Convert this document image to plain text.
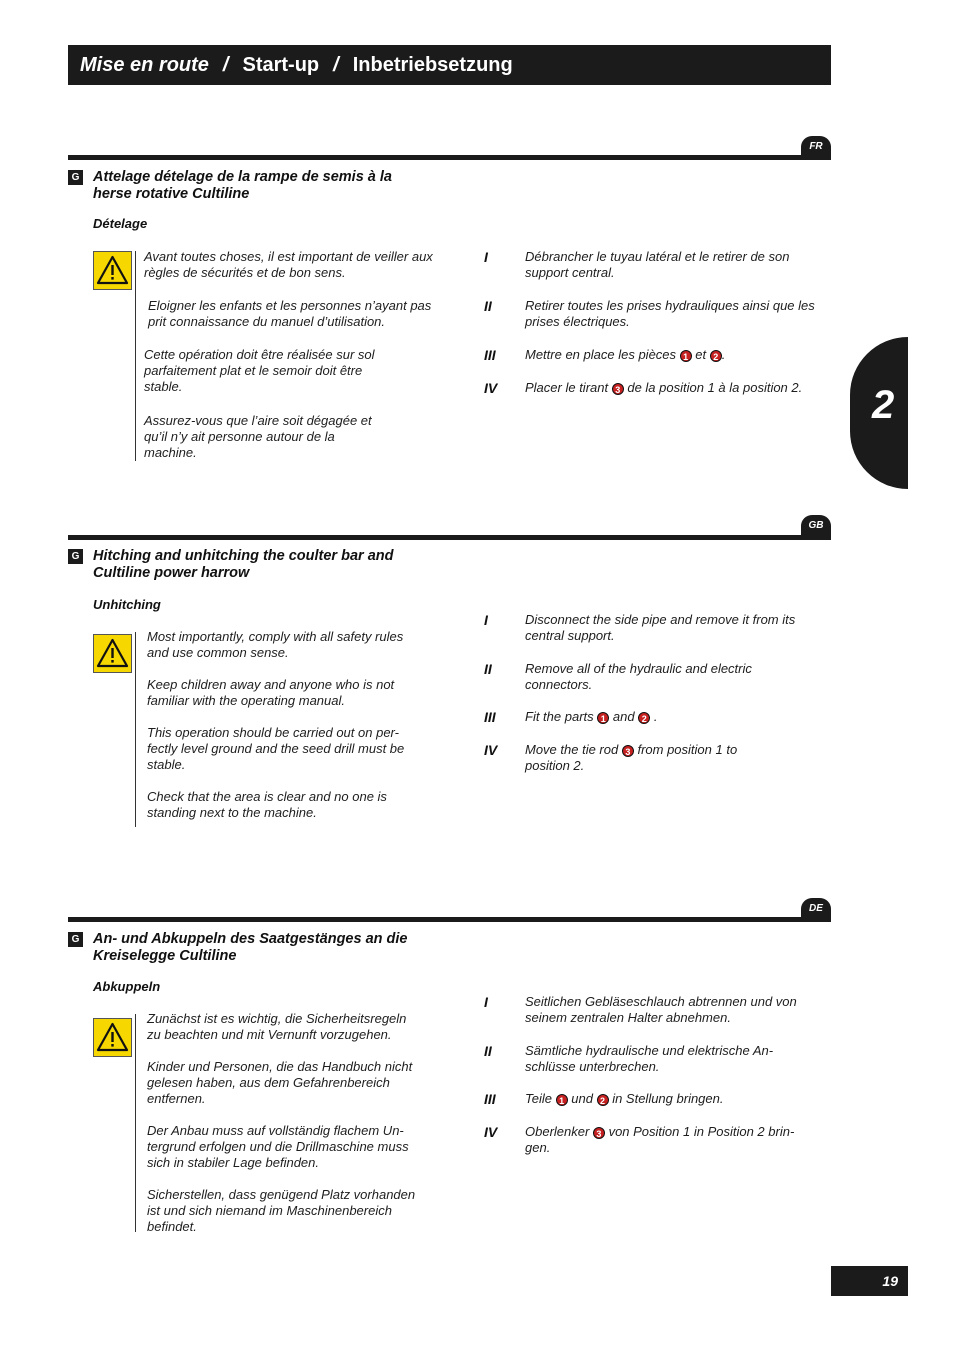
Mise en route / Start-up / Inbetriebsetzung
2
FR
G Attelage dételage de la rampe de semis à la herse rotative Cultiline
Dételage
Avant toutes choses, il est important de veiller aux règles de sécurités et de bon sens.
Eloigner les enfants et les personnes n’ayant pas prit connaissance du manuel d’utilisation.
Cette opération doit être réalisée sur sol parfaitement plat et le semoir doit être stable.
Assurez-vous que l’aire soit dégagée et qu’il n’y ait personne autour de la machine.
I	Débrancher le tuyau latéral et le retirer de son support central.
II	Retirer toutes les prises hydrauliques ainsi que les prises électriques.
III Mettre en place les pièces 1 et 2 .
IV Placer le tirant 3 de la position 1 à la position 2.
GB
G Hitching and unhitching the coulter bar and Cultiline power harrow
Unhitching
Most importantly, comply with all safety rules and use common sense.
Keep children away and anyone who is not familiar with the operating manual.
This operation should be carried out on per-fectly level ground and the seed drill must be stable.
Check that the area is clear and no one is standing next to the machine.
I	Disconnect the side pipe and remove it from its central support.
II	Remove all of the hydraulic and electric connectors.
III Fit the parts 1 and 2 .
IV Move the tie rod 3 from position 1 to position 2.
DE
G An- und Abkuppeln des Saatgestänges an die Kreiselegge Cultiline
Abkuppeln
Zunächst ist es wichtig, die Sicherheitsregeln zu beachten und mit Vernunft vorzugehen.
Kinder und Personen, die das Handbuch nicht gelesen haben, aus dem Gefahrenbereich entfernen.
Der Anbau muss auf vollständig flachem Un-tergrund erfolgen und die Drillmaschine muss sich in stabiler Lage befinden.
Sicherstellen, dass genügend Platz vorhanden ist und sich niemand im Maschinenbereich befindet.
I	Seitlichen Gebläseschlauch abtrennen und von seinem zentralen Halter abnehmen.
II	Sämtliche hydraulische und elektrische An-schlüsse unterbrechen.
III Teile 1 und 2 in Stellung bringen.
IV Oberlenker 3 von Position 1 in Position 2 brin-gen.
19
